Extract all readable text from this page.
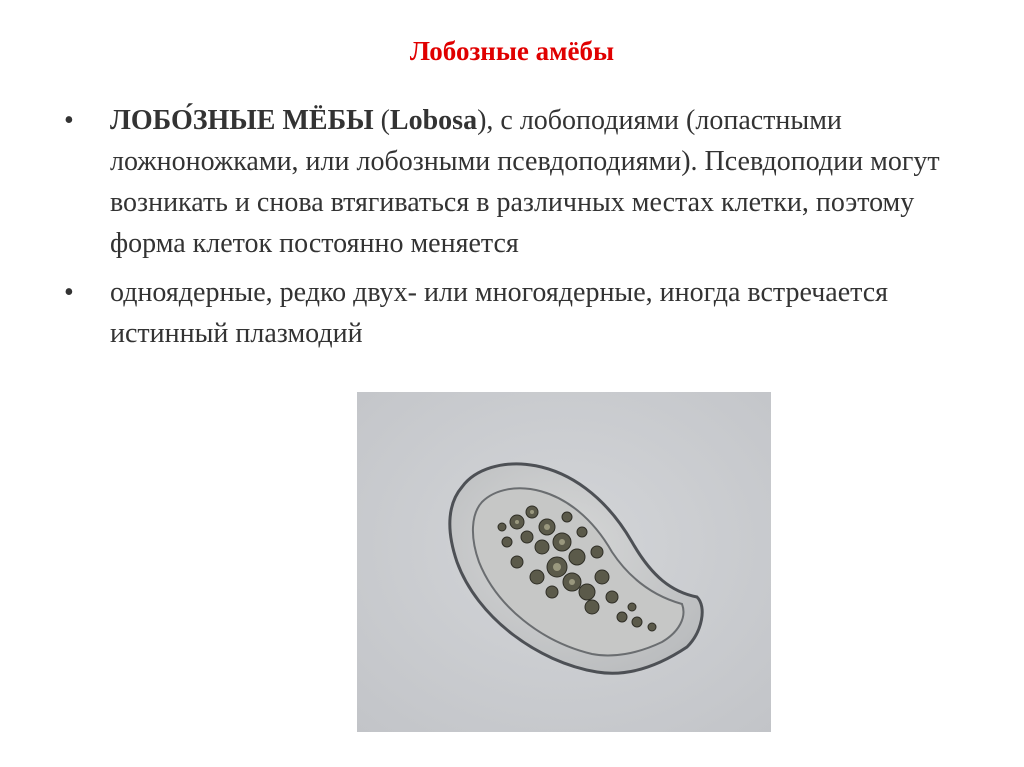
Лобозные амёбы
• ЛОБО́ЗНЫЕ МЁБЫ (Lobosa), с лобоподиями (лопастными ложноножками, или лобозными псевдоподиями). Псевдоподии могут возникать и снова втягиваться в различных местах клетки, поэтому форма клеток постоянно меняется
• одноядерные, редко двух- или многоядерные, иногда встречается истинный плазмодий
